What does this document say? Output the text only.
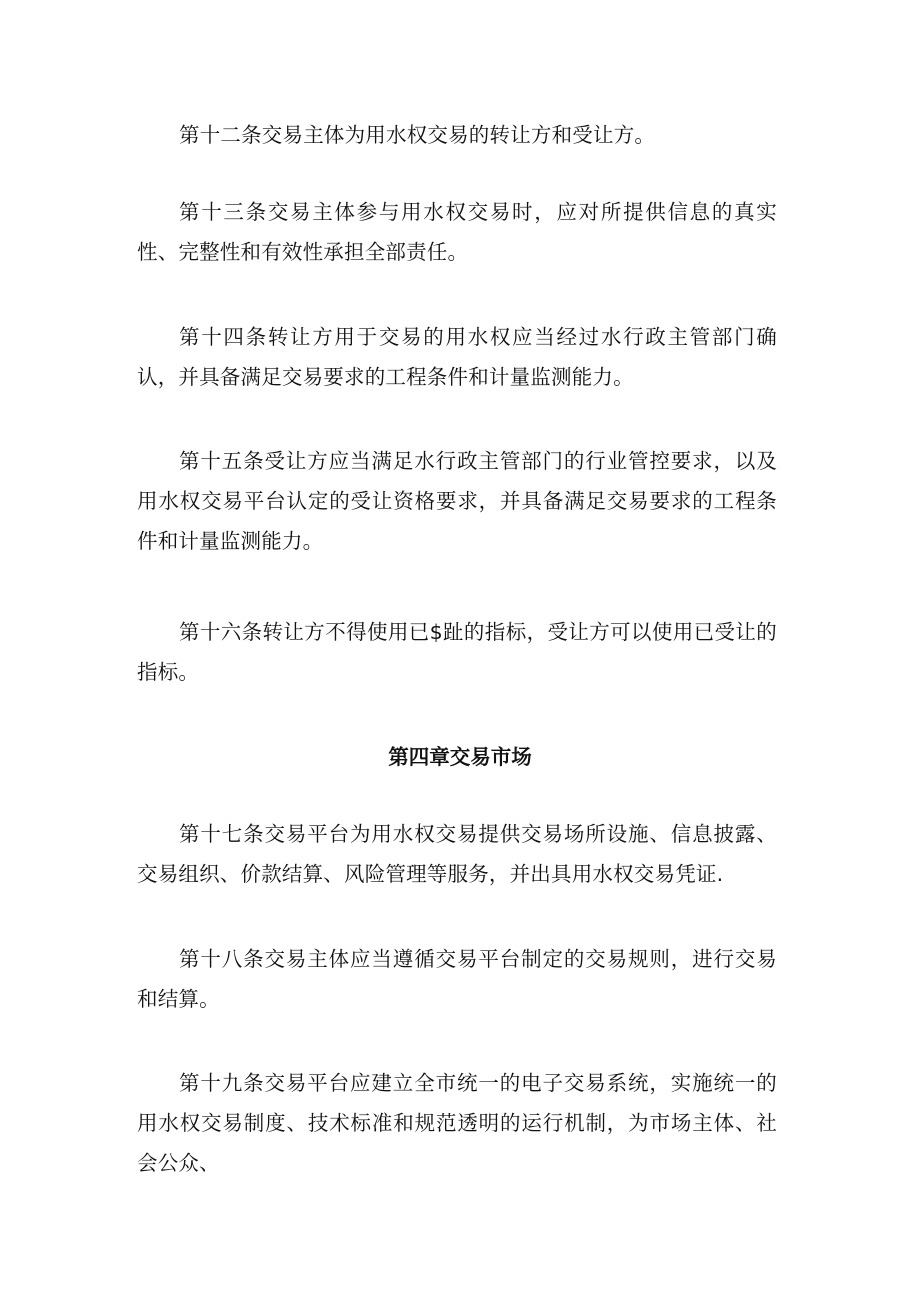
第十二条交易主体为用水权交易的转让方和受让方。

第十三条交易主体参与用水权交易时，应对所提供信息的真实性、完整性和有效性承担全部责任。

第十四条转让方用于交易的用水权应当经过水行政主管部门确认，并具备满足交易要求的工程条件和计量监测能力。

第十五条受让方应当满足水行政主管部门的行业管控要求，以及用水权交易平台认定的受让资格要求，并具备满足交易要求的工程条件和计量监测能力。

第十六条转让方不得使用已$趾的指标，受让方可以使用已受让的指标。

第四章交易市场

第十七条交易平台为用水权交易提供交易场所设施、信息披露、交易组织、价款结算、风险管理等服务，并出具用水权交易凭证.

第十八条交易主体应当遵循交易平台制定的交易规则，进行交易和结算。

第十九条交易平台应建立全市统一的电子交易系统，实施统一的用水权交易制度、技术标准和规范透明的运行机制，为市场主体、社会公众、
